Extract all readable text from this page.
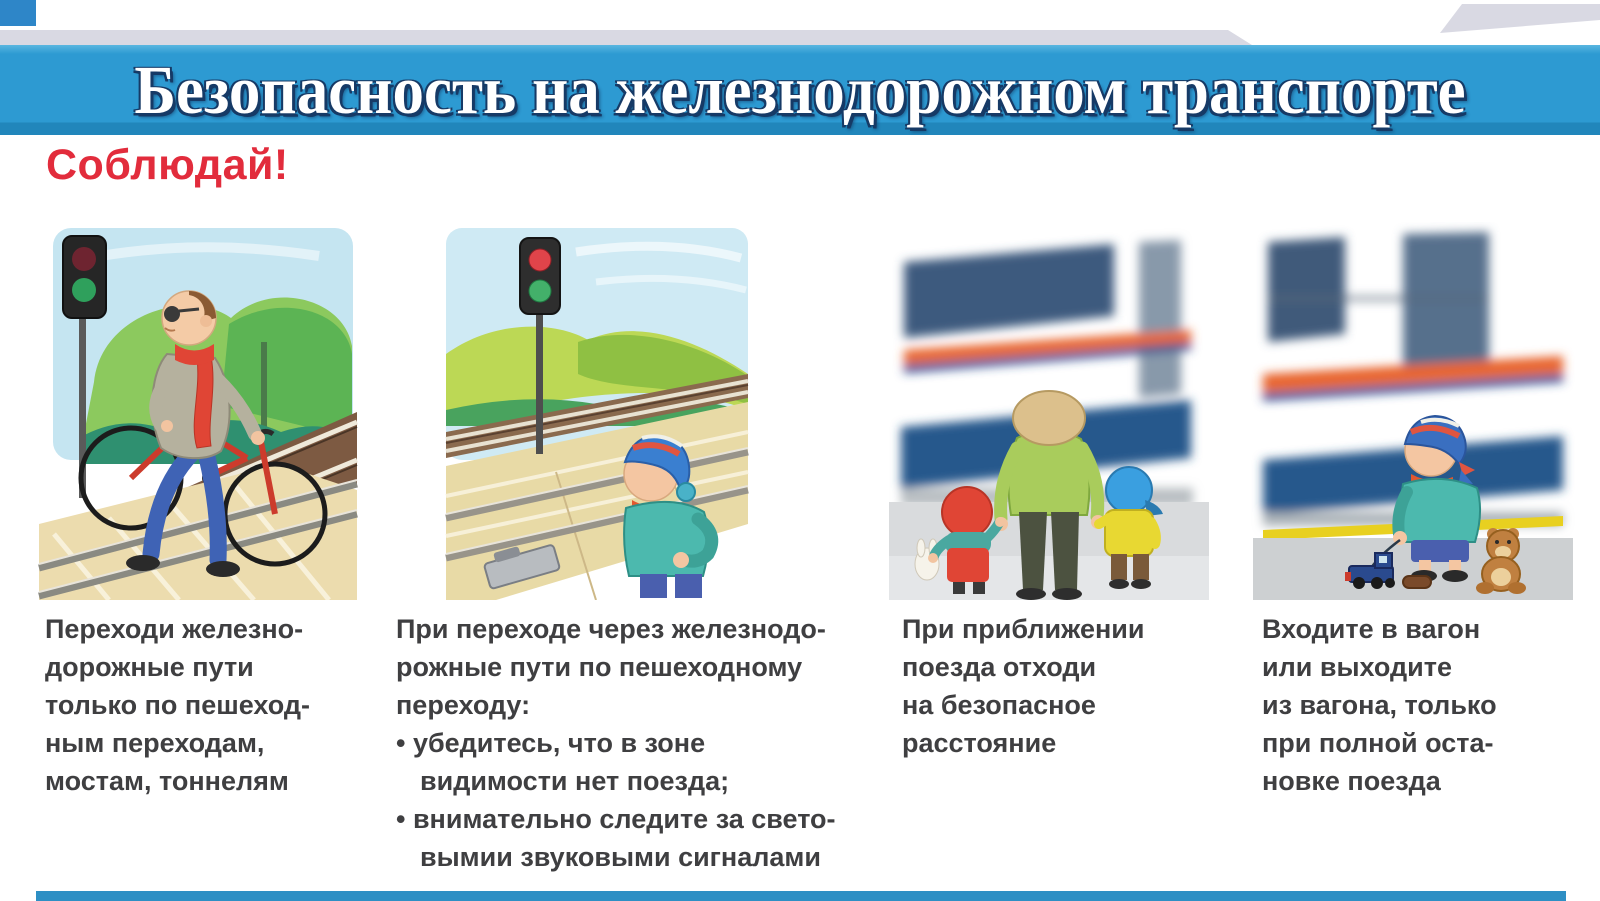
Безопасность на железнодорожном транспорте
Соблюдай!
Переходи железно-
дорожные пути
только по пешеход-
ным переходам,
мостам, тоннелям
При переходе через железнодо-
рожные пути по пешеходному
переходу:
• убедитесь, что в зоне
видимости нет поезда;
• внимательно следите за свето-
вымии звуковыми сигналами
При приближении
поезда отходи
на безопасное
расстояние
Входите в вагон
или выходите
из вагона, только
при полной оста-
новке поезда
